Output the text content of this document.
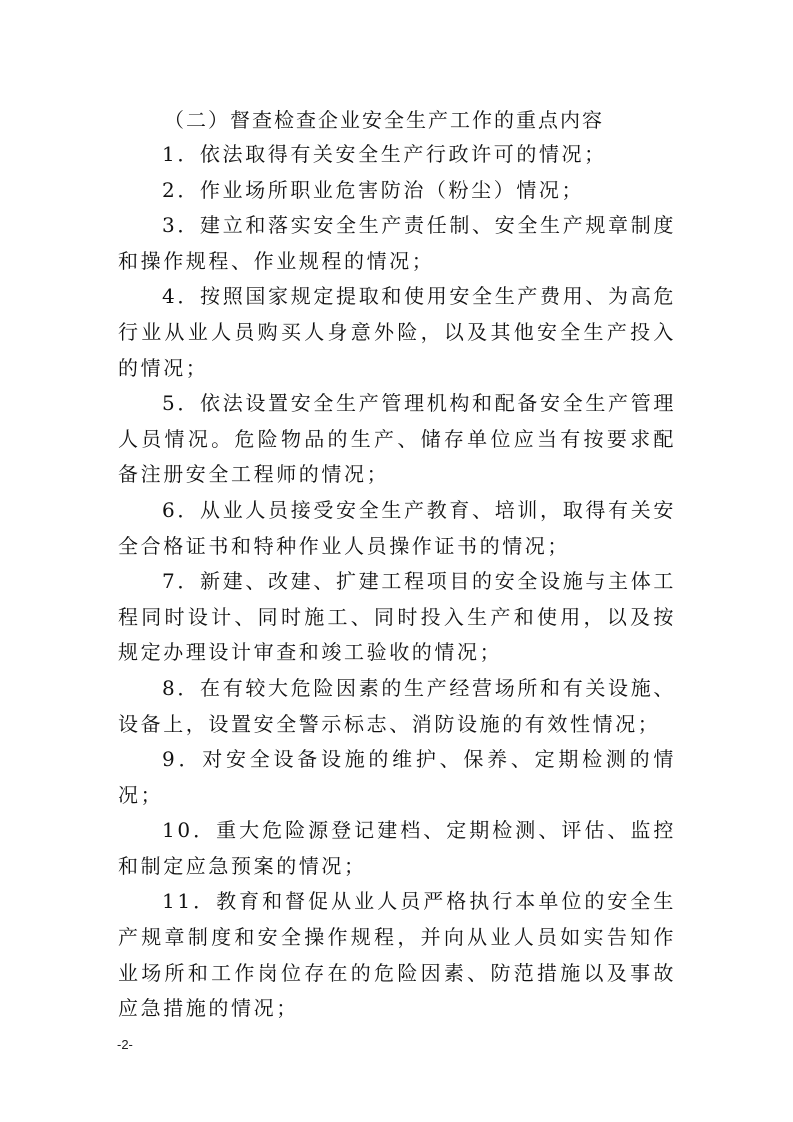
（二）督查检查企业安全生产工作的重点内容

1．依法取得有关安全生产行政许可的情况；

2．作业场所职业危害防治（粉尘）情况；

3．建立和落实安全生产责任制、安全生产规章制度和操作规程、作业规程的情况；

4．按照国家规定提取和使用安全生产费用、为高危行业从业人员购买人身意外险，以及其他安全生产投入的情况；

5．依法设置安全生产管理机构和配备安全生产管理人员情况。危险物品的生产、储存单位应当有按要求配备注册安全工程师的情况；

6．从业人员接受安全生产教育、培训，取得有关安全合格证书和特种作业人员操作证书的情况；

7．新建、改建、扩建工程项目的安全设施与主体工程同时设计、同时施工、同时投入生产和使用，以及按规定办理设计审查和竣工验收的情况；

8．在有较大危险因素的生产经营场所和有关设施、设备上，设置安全警示标志、消防设施的有效性情况；

9．对安全设备设施的维护、保养、定期检测的情况；

10．重大危险源登记建档、定期检测、评估、监控和制定应急预案的情况；

11．教育和督促从业人员严格执行本单位的安全生产规章制度和安全操作规程，并向从业人员如实告知作业场所和工作岗位存在的危险因素、防范措施以及事故应急措施的情况；

-2-
